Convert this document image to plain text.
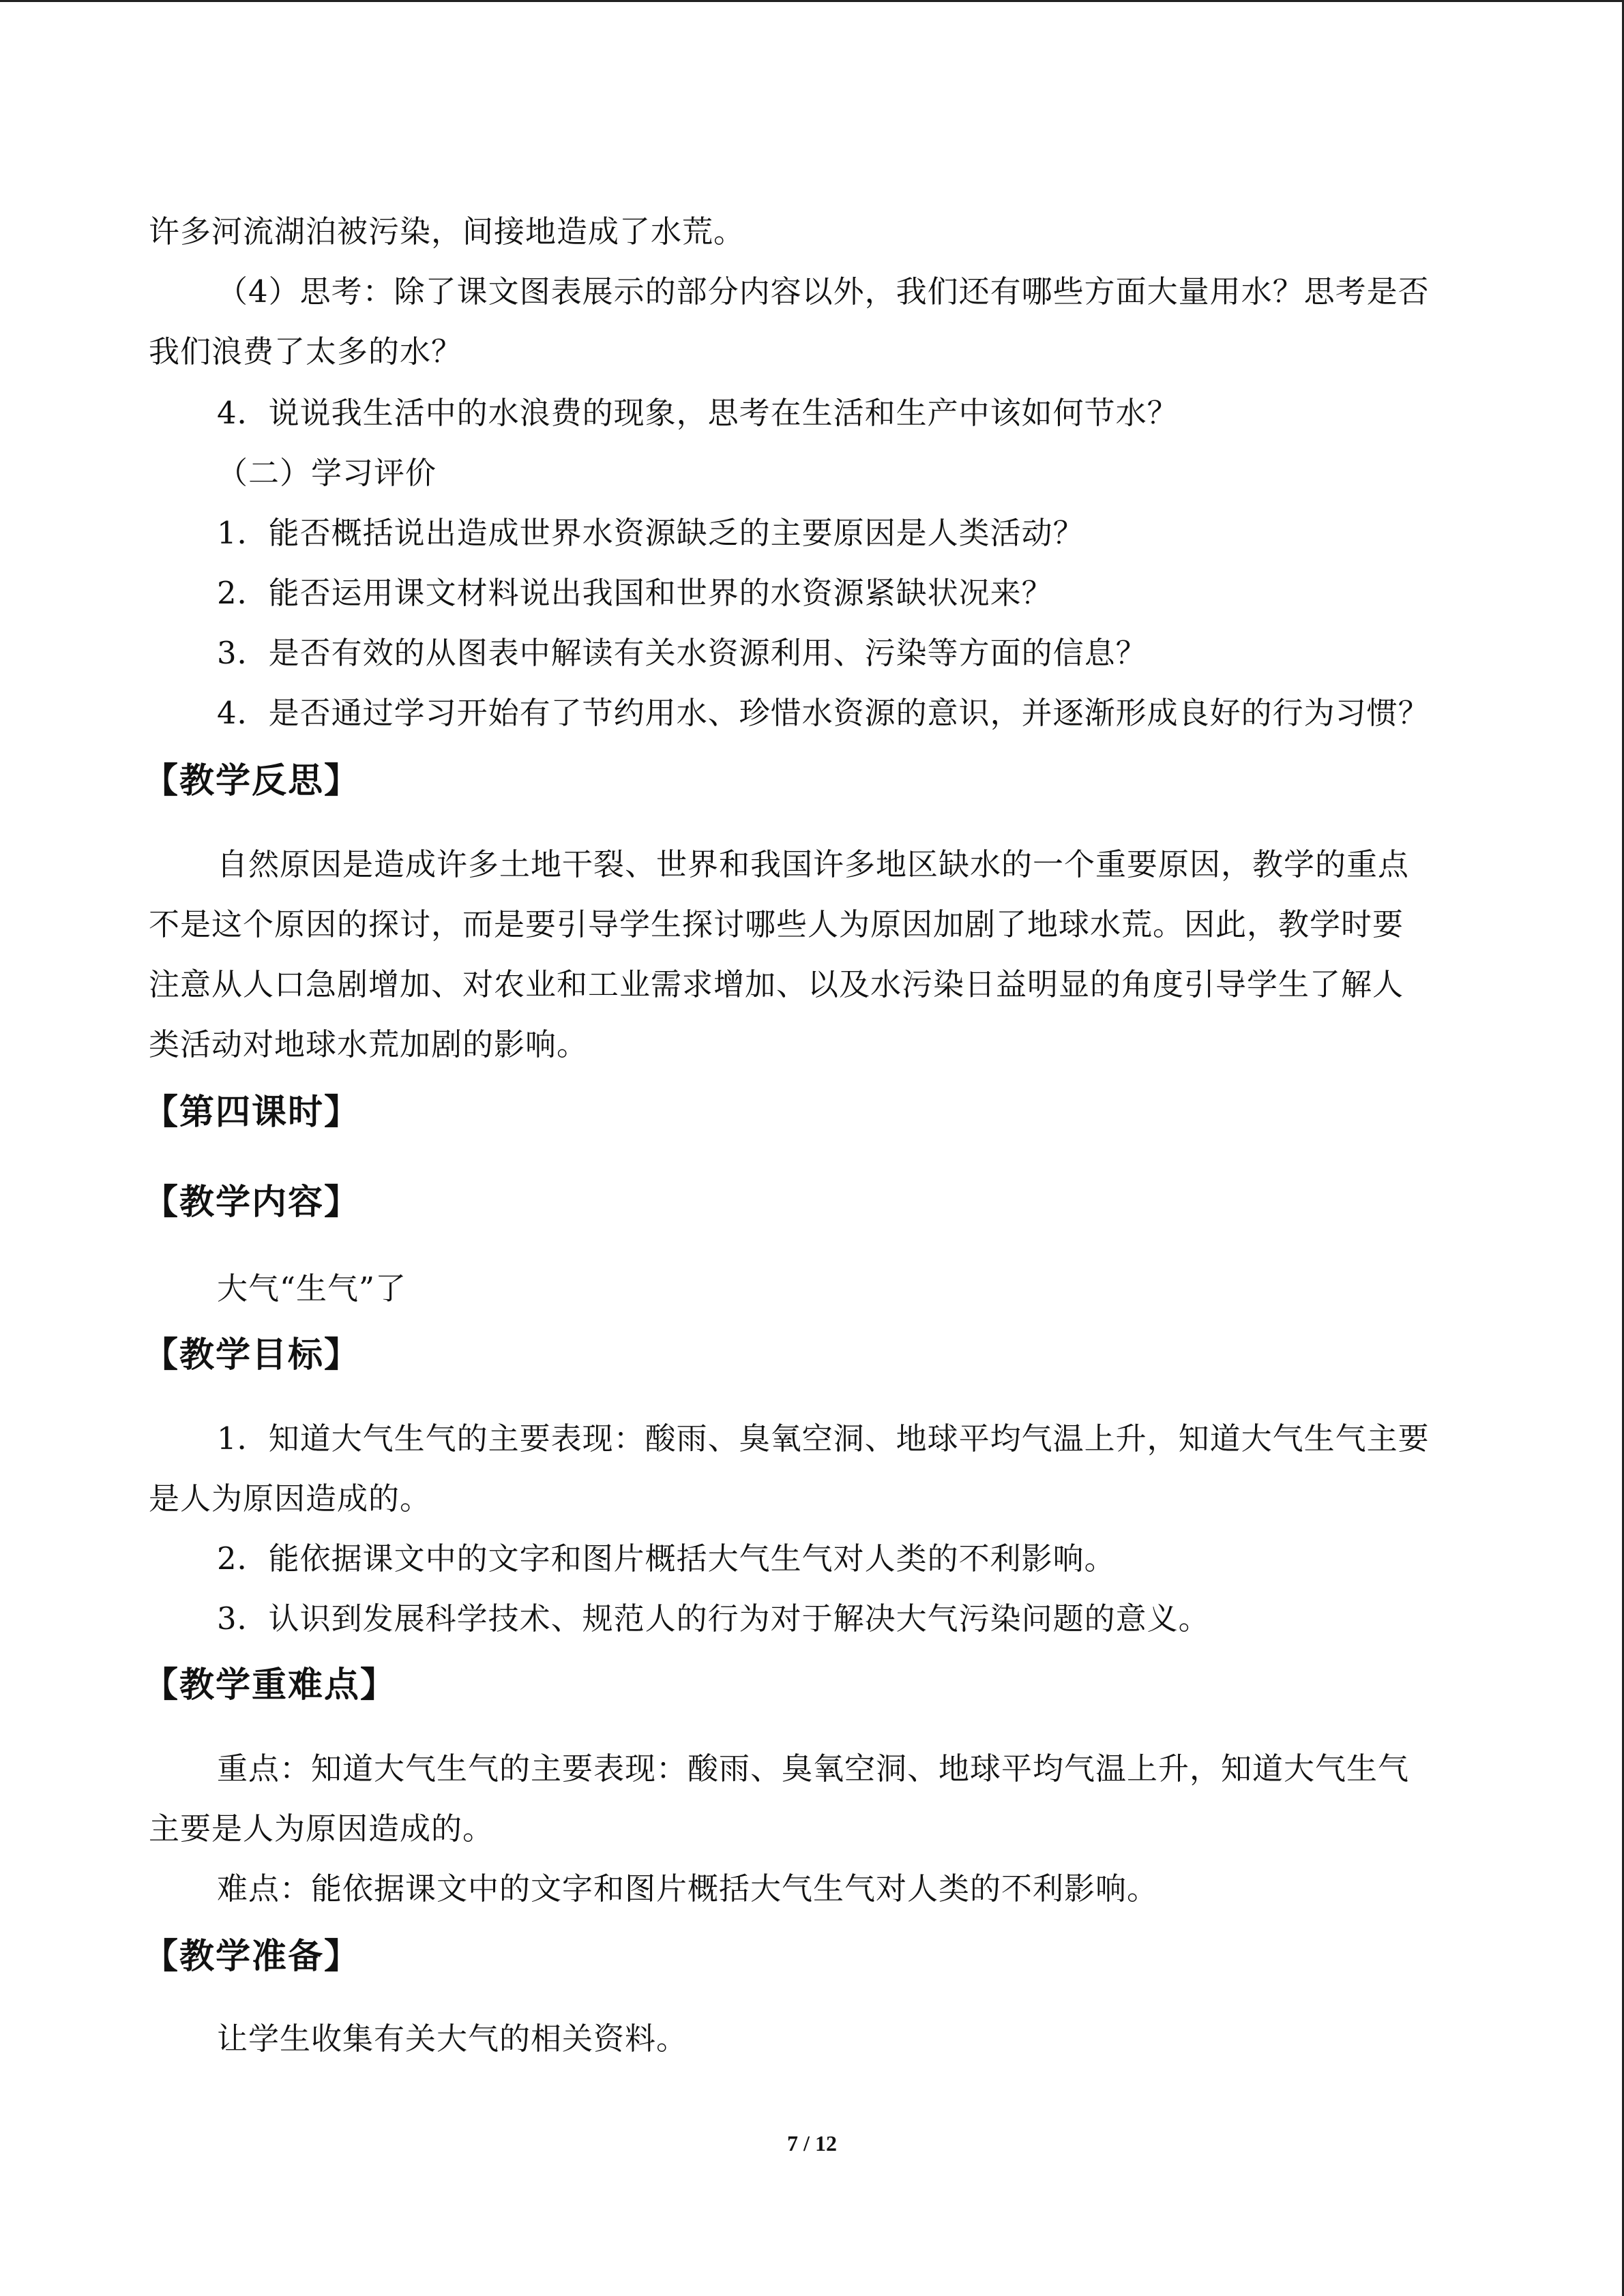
许多河流湖泊被污染，间接地造成了水荒。
（4）思考：除了课文图表展示的部分内容以外，我们还有哪些方面大量用水？思考是否
我们浪费了太多的水？
4．说说我生活中的水浪费的现象，思考在生活和生产中该如何节水？
（二）学习评价
1．能否概括说出造成世界水资源缺乏的主要原因是人类活动？
2．能否运用课文材料说出我国和世界的水资源紧缺状况来？
3．是否有效的从图表中解读有关水资源利用、污染等方面的信息？
4．是否通过学习开始有了节约用水、珍惜水资源的意识，并逐渐形成良好的行为习惯？
【教学反思】
自然原因是造成许多土地干裂、世界和我国许多地区缺水的一个重要原因，教学的重点
不是这个原因的探讨，而是要引导学生探讨哪些人为原因加剧了地球水荒。因此，教学时要
注意从人口急剧增加、对农业和工业需求增加、以及水污染日益明显的角度引导学生了解人
类活动对地球水荒加剧的影响。
【第四课时】
【教学内容】
大气“生气”了
【教学目标】
1．知道大气生气的主要表现：酸雨、臭氧空洞、地球平均气温上升，知道大气生气主要
是人为原因造成的。
2．能依据课文中的文字和图片概括大气生气对人类的不利影响。
3．认识到发展科学技术、规范人的行为对于解决大气污染问题的意义。
【教学重难点】
重点：知道大气生气的主要表现：酸雨、臭氧空洞、地球平均气温上升，知道大气生气
主要是人为原因造成的。
难点：能依据课文中的文字和图片概括大气生气对人类的不利影响。
【教学准备】
让学生收集有关大气的相关资料。
7 / 12
